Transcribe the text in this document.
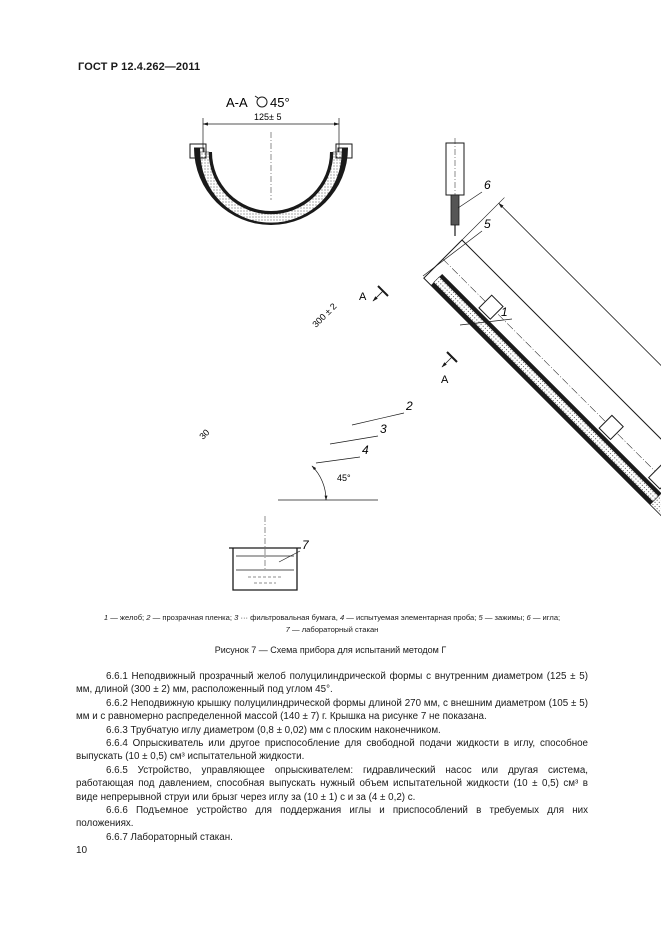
ГОСТ Р 12.4.262—2011
А-А 45°
125± 5
6
300 ± 2
30
А
А
5
1
2
3
4
45°
7
1 — желоб; 2 — прозрачная пленка; 3 ··· фильтровальная бумага, 4 — испытуемая элементарная проба; 5 — зажимы; 6 — игла;
7 — лабораторный стакан
Рисунок 7 — Схема прибора для испытаний методом Г

6.6.1 Неподвижный прозрачный желоб полуцилиндрической формы с внутренним диаметром (125 ± 5) мм, длиной (300 ± 2) мм, расположенный под углом 45°.

6.6.2 Неподвижную крышку полуцилиндрической формы длиной 270 мм, с внешним диаметром (105 ± 5) мм и с равномерно распределенной массой (140 ± 7) г. Крышка на рисунке 7 не показана.

6.6.3 Трубчатую иглу диаметром (0,8 ± 0,02) мм с плоским наконечником.

6.6.4 Опрыскиватель или другое приспособление для свободной подачи жидкости в иглу, способное выпускать (10 ± 0,5) см³ испытательной жидкости.

6.6.5 Устройство, управляющее опрыскивателем: гидравлический насос или другая система, работающая под давлением, способная выпускать нужный объем испытательной жидкости (10 ± 0,5) см³ в виде непрерывной струи или брызг через иглу за (10 ± 1) с и за (4 ± 0,2) с.

6.6.6 Подъемное устройство для поддержания иглы и приспособлений в требуемых для них положениях.

6.6.7 Лабораторный стакан.

10
